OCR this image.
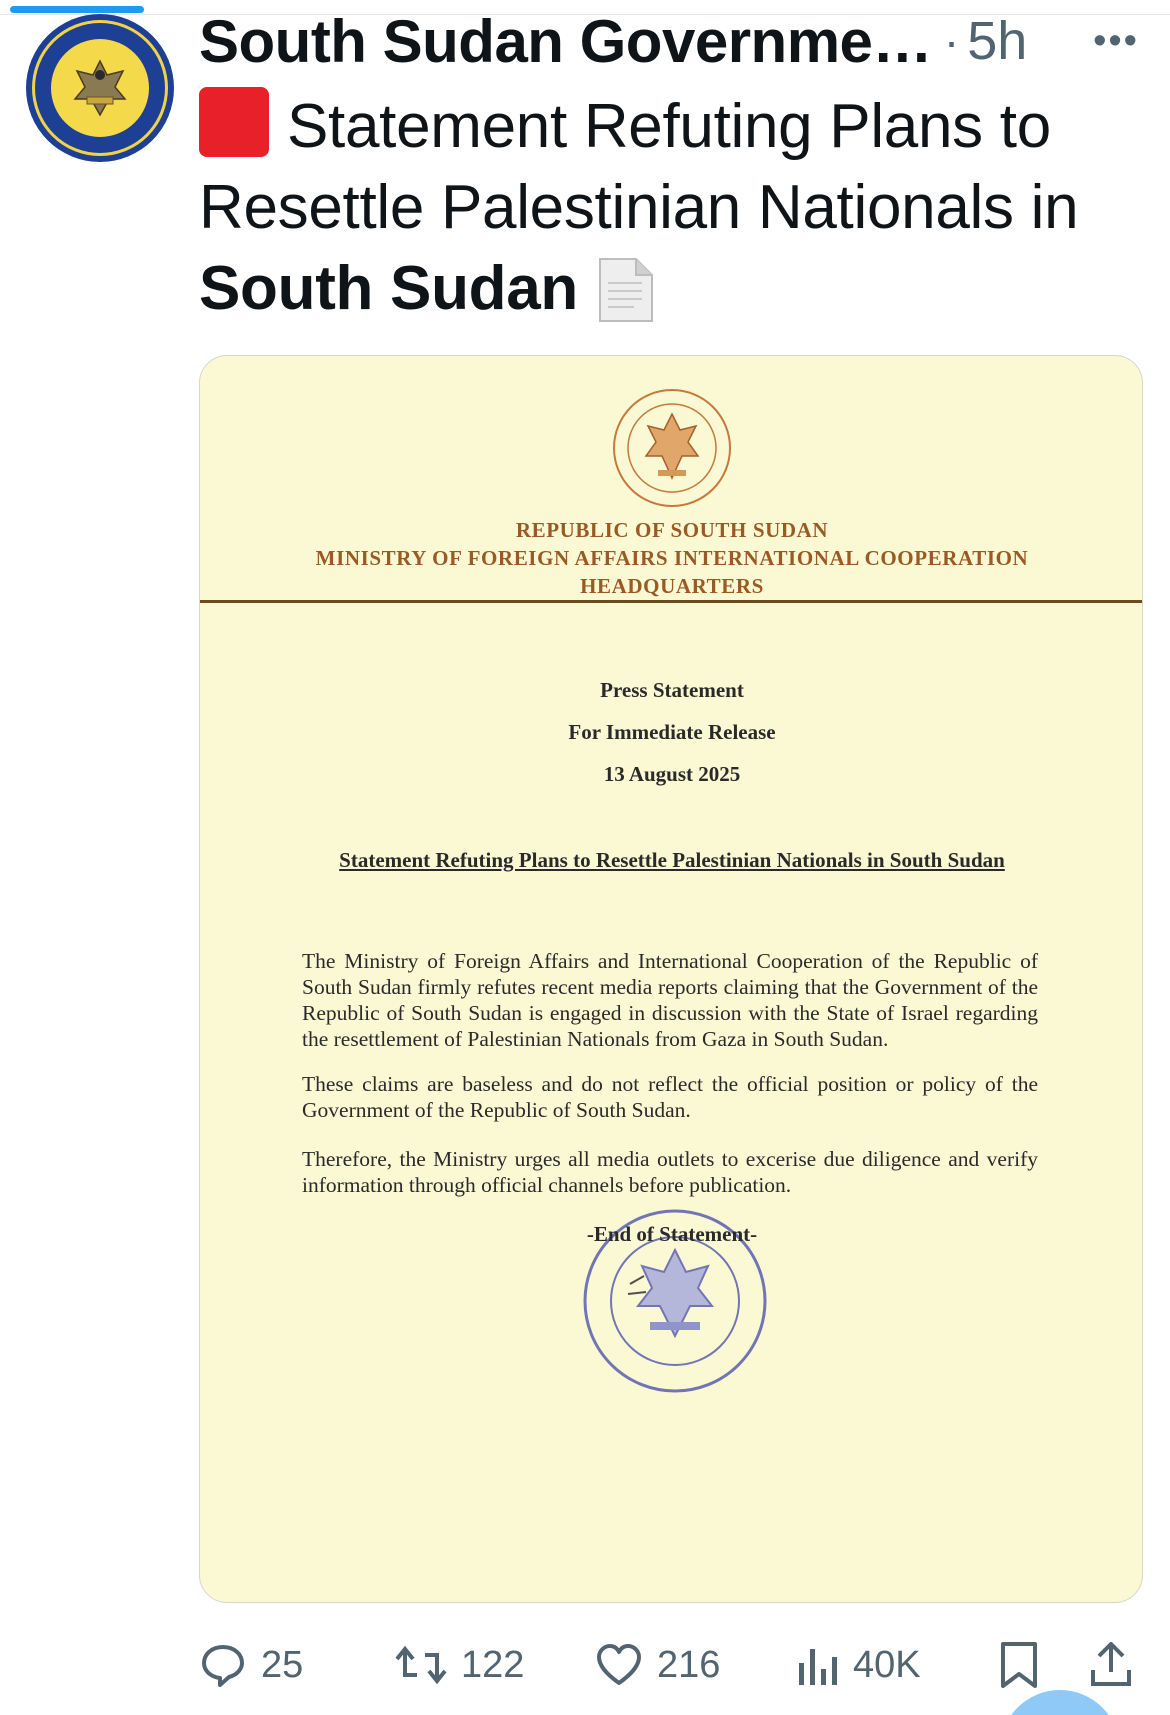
South Sudan Governme… · 5h •••
Statement Refuting Plans to
Resettle Palestinian Nationals in
South Sudan
REPUBLIC OF SOUTH SUDAN
MINISTRY OF FOREIGN AFFAIRS INTERNATIONAL COOPERATION
HEADQUARTERS
Press Statement
For Immediate Release
13 August 2025
Statement Refuting Plans to Resettle Palestinian Nationals in South Sudan
The Ministry of Foreign Affairs and International Cooperation of the Republic of South Sudan firmly refutes recent media reports claiming that the Government of the Republic of South Sudan is engaged in discussion with the State of Israel regarding the resettlement of Palestinian Nationals from Gaza in South Sudan.
These claims are baseless and do not reflect the official position or policy of the Government of the Republic of South Sudan.
Therefore, the Ministry urges all media outlets to excerise due diligence and verify information through official channels before publication.
-End of Statement-
25	122	216	40K
